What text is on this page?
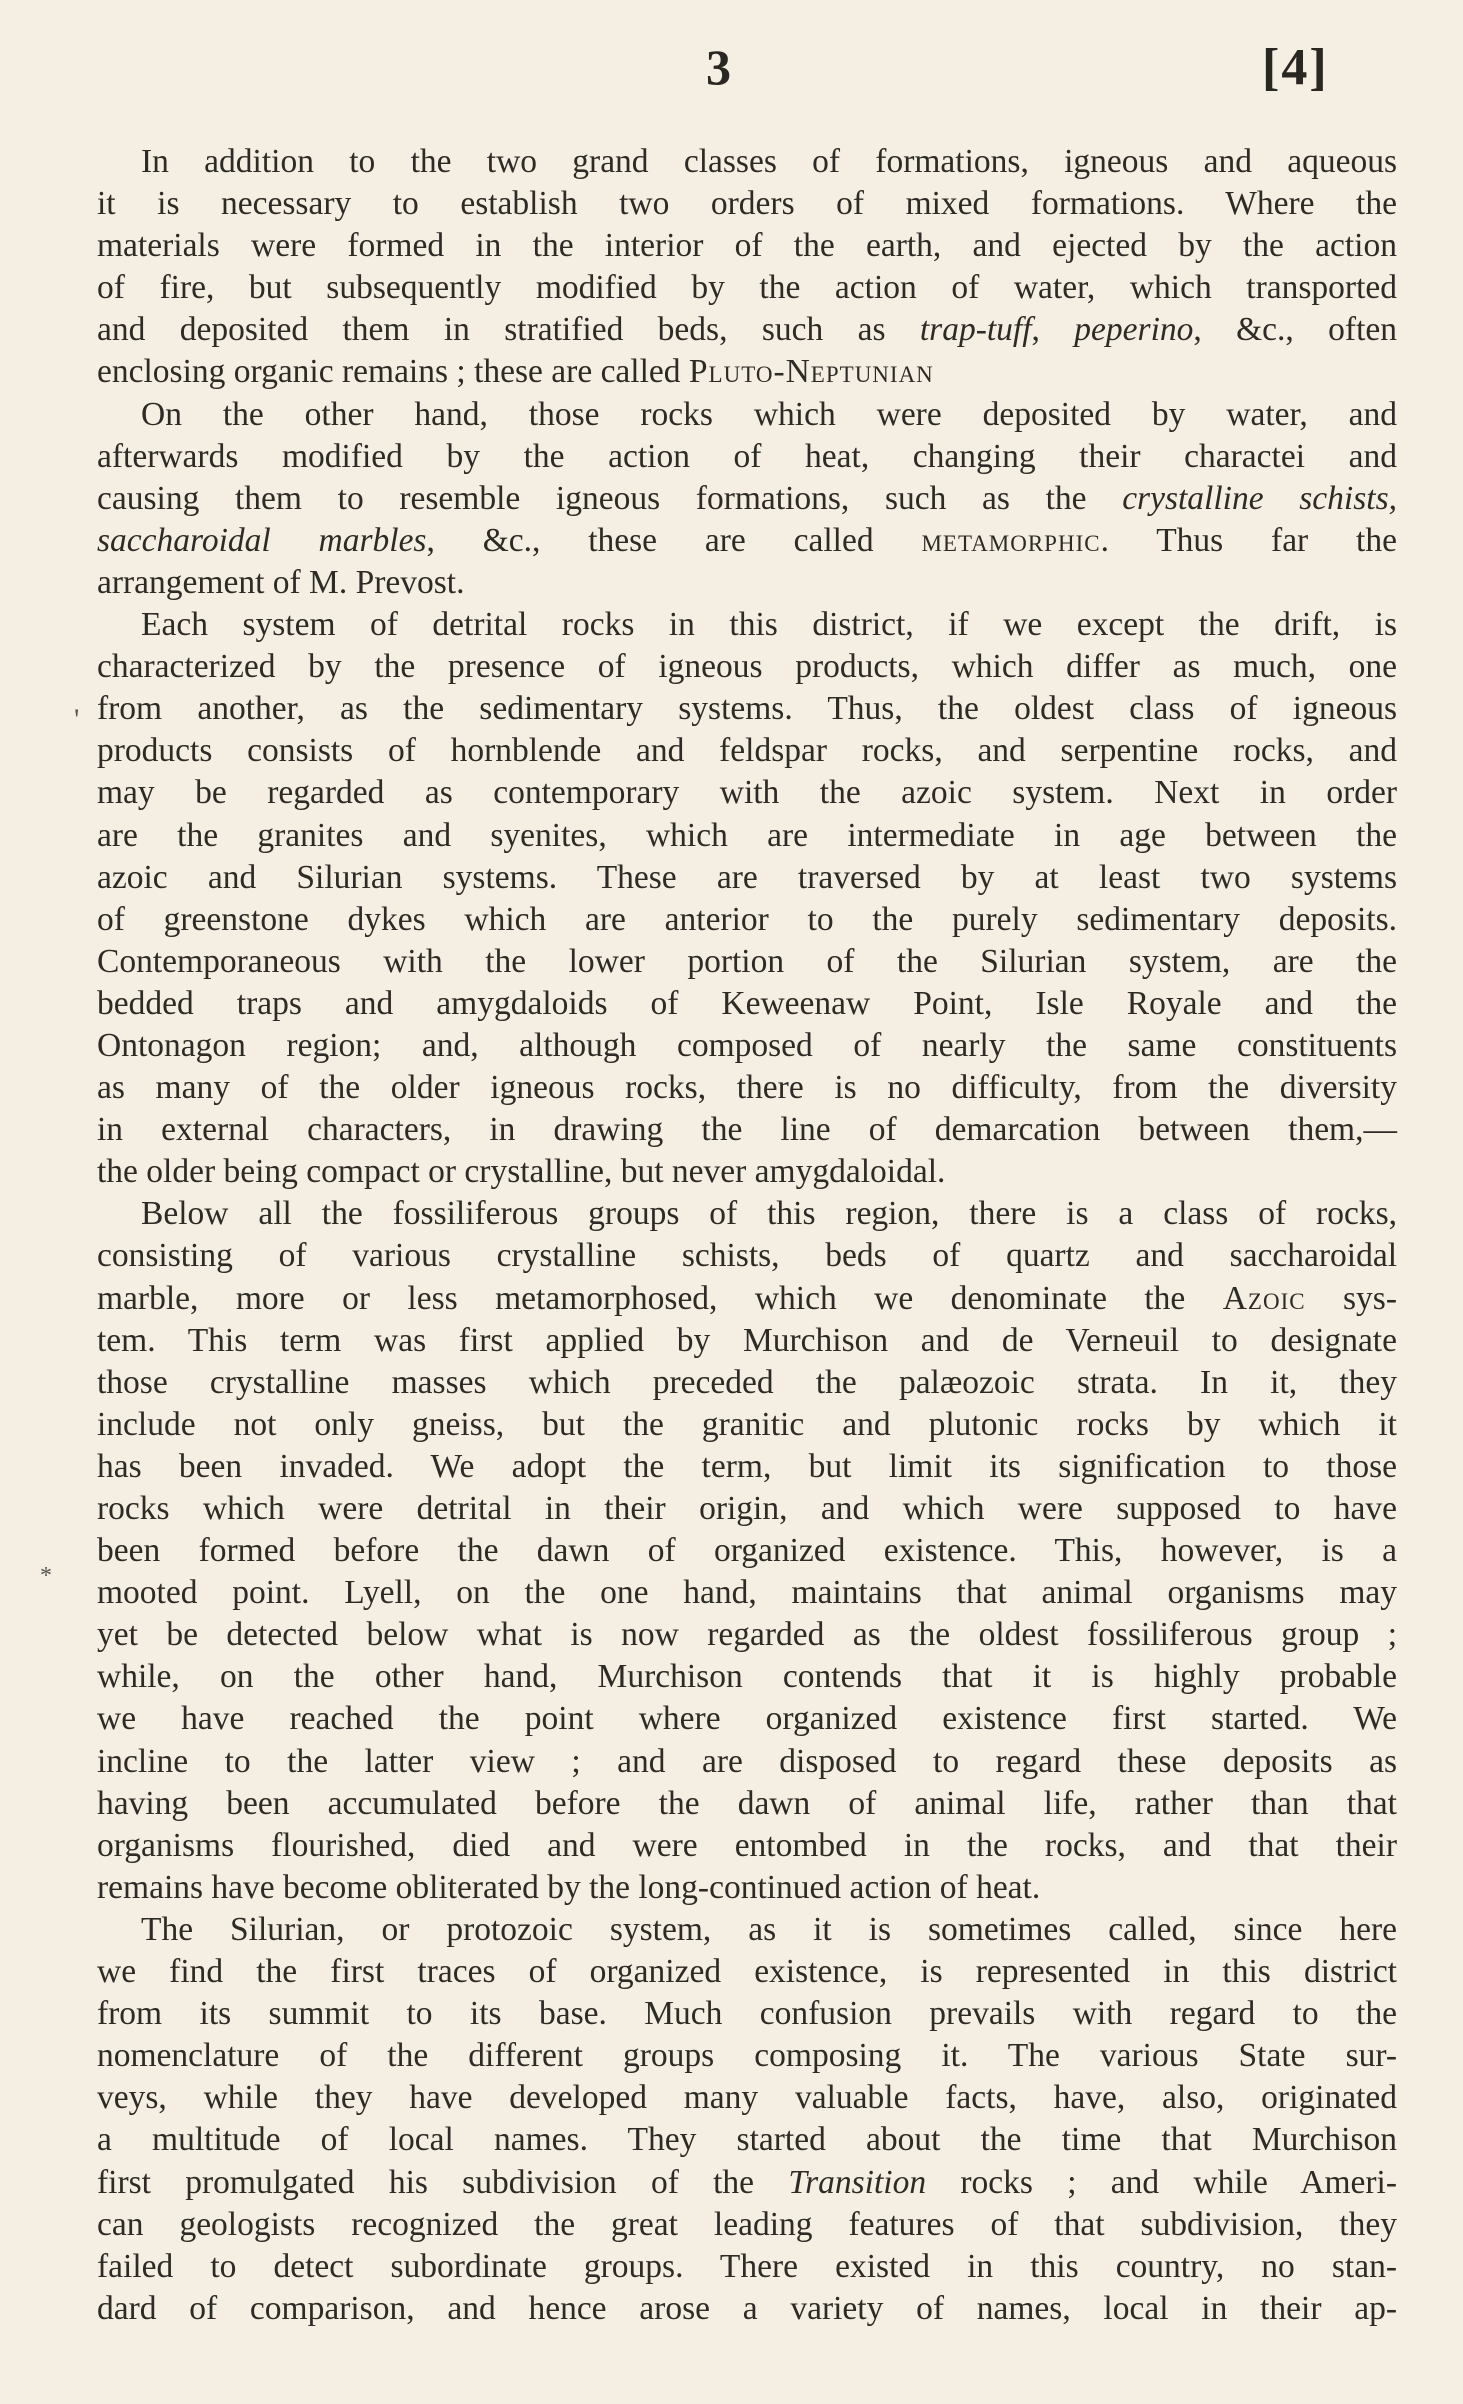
3	[4]
'
*
In addition to the two grand classes of formations, igneous and aqueous
it is necessary to establish two orders of mixed formations. Where the
materials were formed in the interior of the earth, and ejected by the action
of fire, but subsequently modified by the action of water, which transported
and deposited them in stratified beds, such as trap-tuff, peperino, &c., often
enclosing organic remains ; these are called Pluto-Neptunian
On the other hand, those rocks which were deposited by water, and
afterwards modified by the action of heat, changing their charactei and
causing them to resemble igneous formations, such as the crystalline schists,
saccharoidal marbles, &c., these are called metamorphic. Thus far the
arrangement of M. Prevost.
Each system of detrital rocks in this district, if we except the drift, is
characterized by the presence of igneous products, which differ as much, one
from another, as the sedimentary systems. Thus, the oldest class of igneous
products consists of hornblende and feldspar rocks, and serpentine rocks, and
may be regarded as contemporary with the azoic system. Next in order
are the granites and syenites, which are intermediate in age between the
azoic and Silurian systems. These are traversed by at least two systems
of greenstone dykes which are anterior to the purely sedimentary deposits.
Contemporaneous with the lower portion of the Silurian system, are the
bedded traps and amygdaloids of Keweenaw Point, Isle Royale and the
Ontonagon region; and, although composed of nearly the same constituents
as many of the older igneous rocks, there is no difficulty, from the diversity
in external characters, in drawing the line of demarcation between them,—
the older being compact or crystalline, but never amygdaloidal.
Below all the fossiliferous groups of this region, there is a class of rocks,
consisting of various crystalline schists, beds of quartz and saccharoidal
marble, more or less metamorphosed, which we denominate the Azoic sys-
tem. This term was first applied by Murchison and de Verneuil to designate
those crystalline masses which preceded the palæozoic strata. In it, they
include not only gneiss, but the granitic and plutonic rocks by which it
has been invaded. We adopt the term, but limit its signification to those
rocks which were detrital in their origin, and which were supposed to have
been formed before the dawn of organized existence. This, however, is a
mooted point. Lyell, on the one hand, maintains that animal organisms may
yet be detected below what is now regarded as the oldest fossiliferous group ;
while, on the other hand, Murchison contends that it is highly probable
we have reached the point where organized existence first started. We
incline to the latter view ; and are disposed to regard these deposits as
having been accumulated before the dawn of animal life, rather than that
organisms flourished, died and were entombed in the rocks, and that their
remains have become obliterated by the long-continued action of heat.
The Silurian, or protozoic system, as it is sometimes called, since here
we find the first traces of organized existence, is represented in this district
from its summit to its base. Much confusion prevails with regard to the
nomenclature of the different groups composing it. The various State sur-
veys, while they have developed many valuable facts, have, also, originated
a multitude of local names. They started about the time that Murchison
first promulgated his subdivision of the Transition rocks ; and while Ameri-
can geologists recognized the great leading features of that subdivision, they
failed to detect subordinate groups. There existed in this country, no stan-
dard of comparison, and hence arose a variety of names, local in their ap-
